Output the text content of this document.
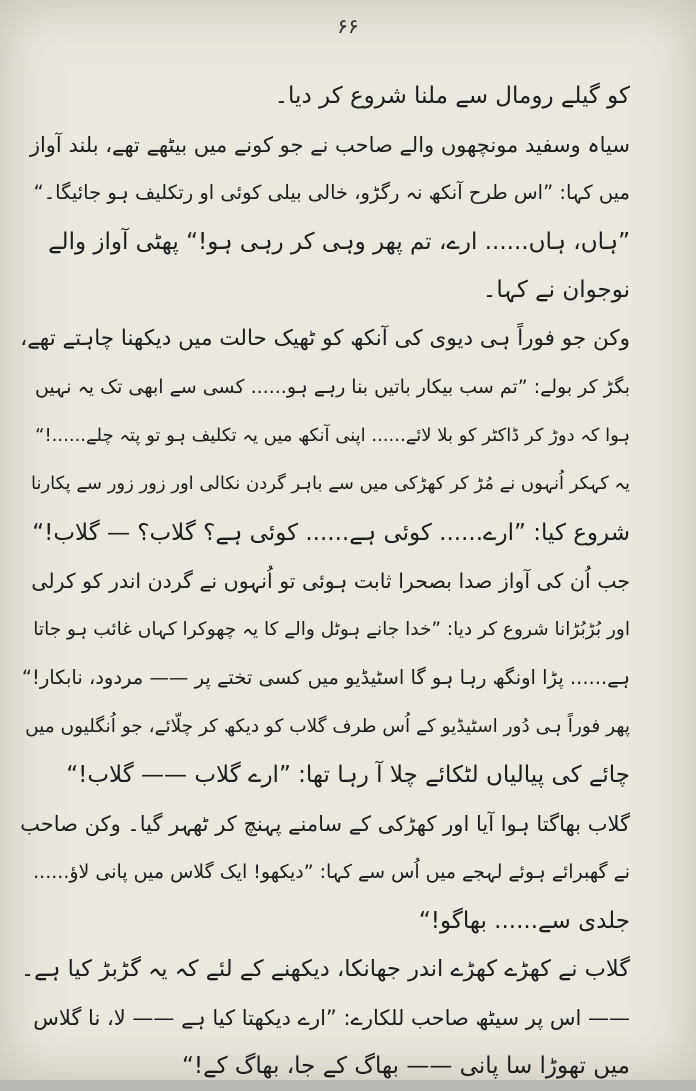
۶۶
کو گیلے رومال سے ملنا شروع کر دیا۔
سیاہ وسفید مونچھوں والے صاحب نے جو کونے میں بیٹھے تھے، بلند آواز
میں کہا: ”اس طرح آنکھ نہ رگڑو، خالی بیلی کوئی او رتکلیف ہو جائیگا۔“
”ہاں، ہاں...... ارے، تم پھر وہی کر رہی ہو!“ پھٹی آواز والے
نوجوان نے کہا۔
وکن جو فوراً ہی دیوی کی آنکھ کو ٹھیک حالت میں دیکھنا چاہتے تھے،
بگڑ کر بولے: ”تم سب بیکار باتیں بنا رہے ہو...... کسی سے ابھی تک یہ نہیں
ہوا کہ دوڑ کر ڈاکٹر کو بلا لائے...... اپنی آنکھ میں یہ تکلیف ہو تو پتہ چلے......!“
یہ کہکر اُنہوں نے مُڑ کر کھڑکی میں سے باہر گردن نکالی اور زور زور سے پکارنا
شروع کیا: ”ارے...... کوئی ہے...... کوئی ہے؟ گلاب؟ — گلاب!“
جب اُن کی آواز صدا بصحرا ثابت ہوئی تو اُنہوں نے گردن اندر کو کرلی
اور بُڑبُڑانا شروع کر دیا: ”خدا جانے ہوٹل والے کا یہ چھوکرا کہاں غائب ہو جاتا
ہے...... پڑا اونگھ رہا ہو گا اسٹیڈیو میں کسی تختے پر —— مردود، نابکار!“
پھر فوراً ہی دُور اسٹیڈیو کے اُس طرف گلاب کو دیکھ کر چلّائے، جو اُنگلیوں میں
چائے کی پیالیاں لٹکائے چلا آ رہا تھا: ”ارے گلاب —— گلاب!“
گلاب بھاگتا ہوا آیا اور کھڑکی کے سامنے پہنچ کر ٹھہر گیا۔ وکن صاحب
نے گھبرائے ہوئے لہجے میں اُس سے کہا: ”دیکھو! ایک گلاس میں پانی لاؤ......
جلدی سے...... بھاگو!“
گلاب نے کھڑے کھڑے اندر جھانکا، دیکھنے کے لئے کہ یہ گڑبڑ کیا ہے۔
—— اس پر سیٹھ صاحب للکارے: ”ارے دیکھتا کیا ہے —— لا، نا گلاس
میں تھوڑا سا پانی —— بھاگ کے جا، بھاگ کے!“
